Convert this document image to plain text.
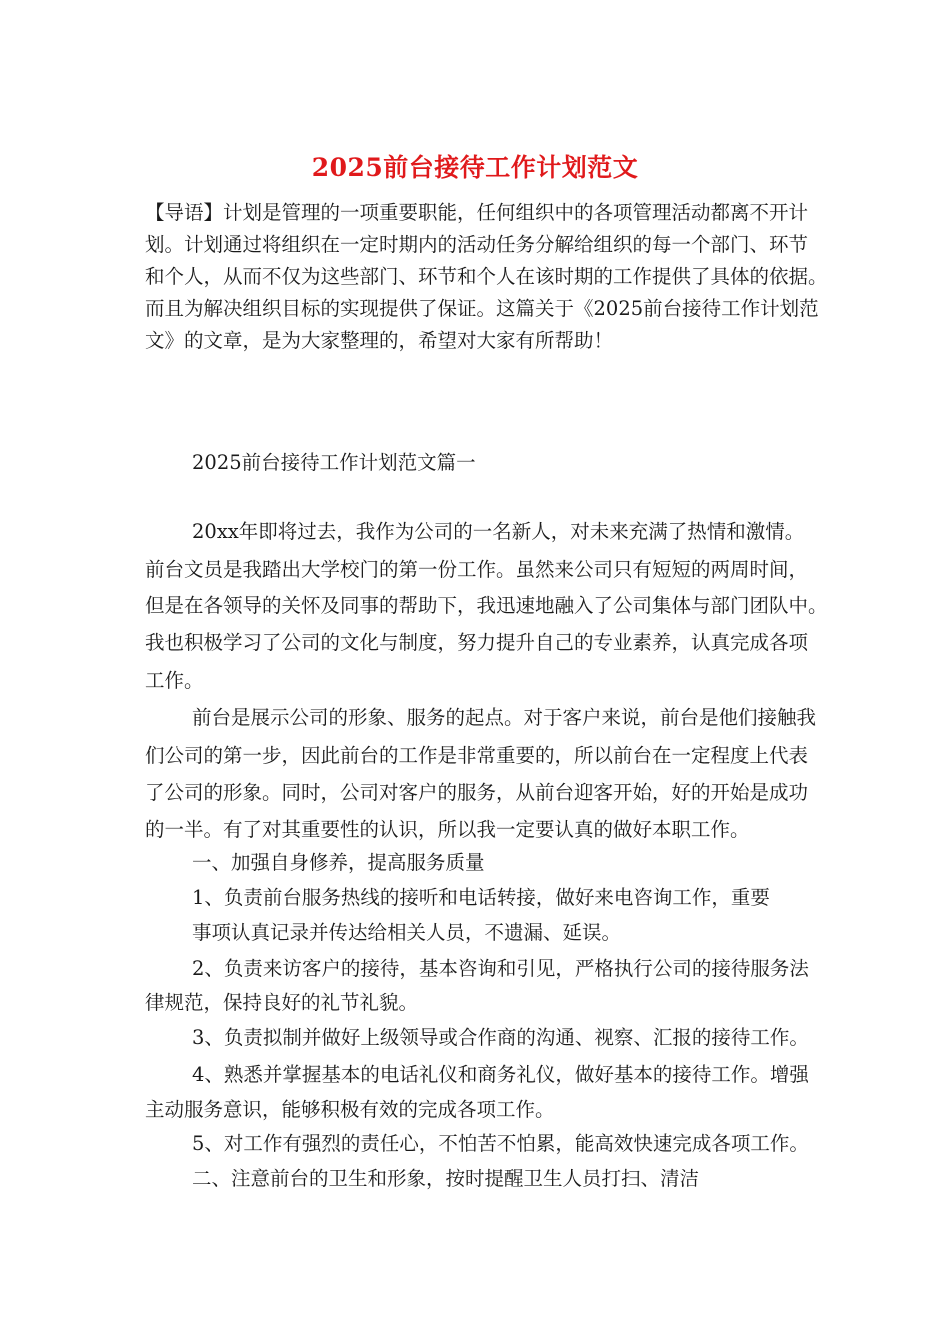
2025前台接待工作计划范文
【导语】计划是管理的一项重要职能，任何组织中的各项管理活动都离不开计
划。计划通过将组织在一定时期内的活动任务分解给组织的每一个部门、环节
和个人，从而不仅为这些部门、环节和个人在该时期的工作提供了具体的依据。
而且为解决组织目标的实现提供了保证。这篇关于《2025前台接待工作计划范
文》的文章，是为大家整理的，希望对大家有所帮助！
2025前台接待工作计划范文篇一
20xx年即将过去，我作为公司的一名新人，对未来充满了热情和激情。
前台文员是我踏出大学校门的第一份工作。虽然来公司只有短短的两周时间，
但是在各领导的关怀及同事的帮助下，我迅速地融入了公司集体与部门团队中。
我也积极学习了公司的文化与制度，努力提升自己的专业素养，认真完成各项
工作。
前台是展示公司的形象、服务的起点。对于客户来说，前台是他们接触我
们公司的第一步，因此前台的工作是非常重要的，所以前台在一定程度上代表
了公司的形象。同时，公司对客户的服务，从前台迎客开始，好的开始是成功
的一半。有了对其重要性的认识，所以我一定要认真的做好本职工作。
一、加强自身修养，提高服务质量
1、负责前台服务热线的接听和电话转接，做好来电咨询工作，重要
事项认真记录并传达给相关人员，不遗漏、延误。
2、负责来访客户的接待，基本咨询和引见，严格执行公司的接待服务法
律规范，保持良好的礼节礼貌。
3、负责拟制并做好上级领导或合作商的沟通、视察、汇报的接待工作。
4、熟悉并掌握基本的电话礼仪和商务礼仪，做好基本的接待工作。增强
主动服务意识，能够积极有效的完成各项工作。
5、对工作有强烈的责任心，不怕苦不怕累，能高效快速完成各项工作。
二、注意前台的卫生和形象，按时提醒卫生人员打扫、清洁
